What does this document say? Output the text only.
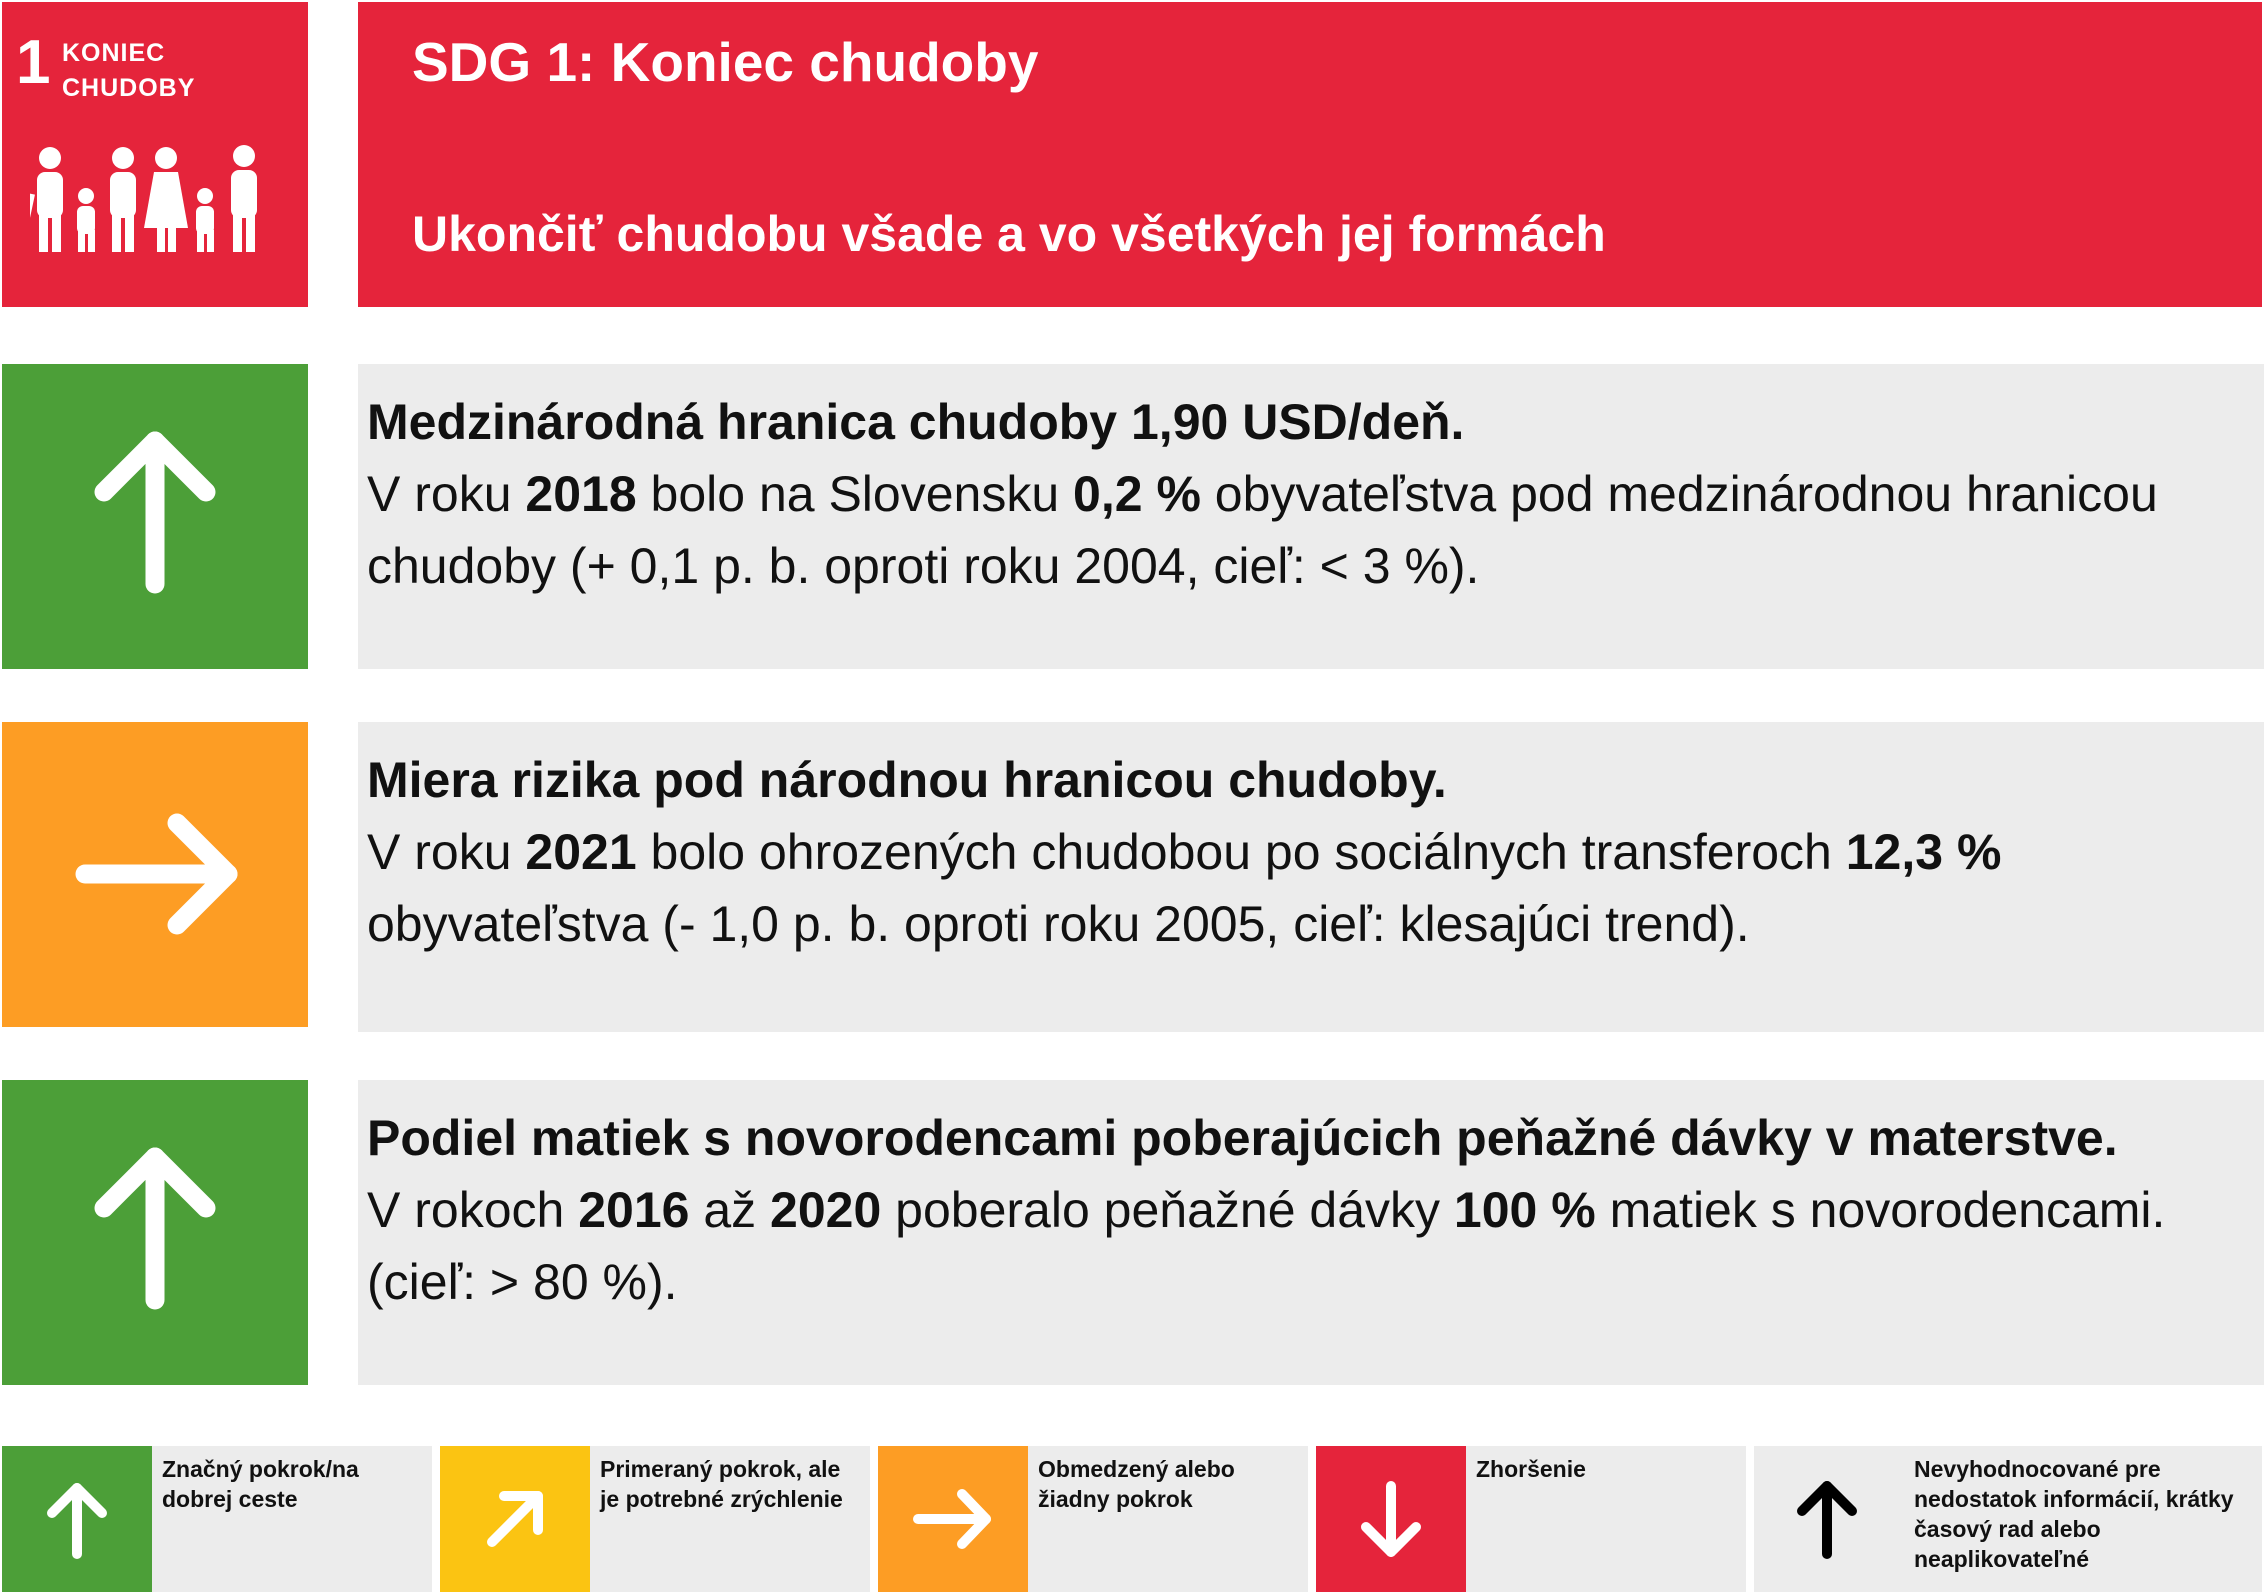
1 KONIEC
CHUDOBY	SDG 1: Koniec chudoby
Ukončiť chudobu všade a vo všetkých jej formách
Medzinárodná hranica chudoby 1,90 USD/deň.
V roku 2018 bolo na Slovensku 0,2 % obyvateľstva pod medzinárodnou hranicou chudoby (+ 0,1 p. b. oproti roku 2004, cieľ: < 3 %).
Miera rizika pod národnou hranicou chudoby.
V roku 2021 bolo ohrozených chudobou po sociálnych transferoch 12,3 % obyvateľstva (- 1,0 p. b. oproti roku 2005, cieľ: klesajúci trend).
Podiel matiek s novorodencami poberajúcich peňažné dávky v materstve.
V rokoch 2016 až 2020 poberalo peňažné dávky 100 % matiek s novorodencami. (cieľ: > 80 %).
Značný pokrok/na dobrej ceste
Primeraný pokrok, ale je potrebné zrýchlenie
Obmedzený alebo žiadny pokrok
Zhoršenie	Nevyhodnocované pre nedostatok informácií, krátky časový rad alebo neaplikovateľné
